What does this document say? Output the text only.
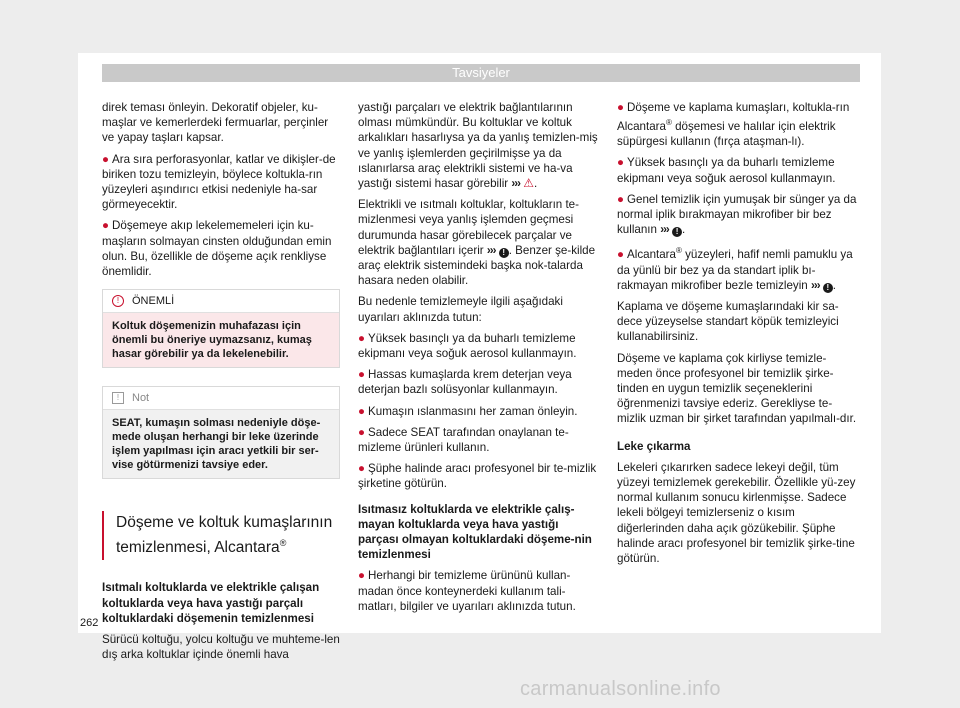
Tavsiyeler

direk teması önleyin. Dekoratif objeler, ku-maşlar ve kemerlerdeki fermuarlar, perçinler ve yapay taşları kapsar.

● Ara sıra perforasyonlar, katlar ve dikişler-de biriken tozu temizleyin, böylece koltukla-rın yüzeyleri aşındırıcı etkisi nedeniyle ha-sar görmeyecektir.

● Döşemeye akıp lekelememeleri için ku-maşların solmayan cinsten olduğundan emin olun. Bu, özellikle de döşeme açık renkliyse önemlidir.

! ÖNEMLİ
Koltuk döşemenizin muhafazası için önemli bu öneriye uymazsanız, kumaş hasar görebilir ya da lekelenebilir.
! Not
SEAT, kumaşın solması nedeniyle döşe-mede oluşan herhangi bir leke üzerinde işlem yapılması için aracı yetkili bir ser-vise götürmenizi tavsiye eder.
Döşeme ve koltuk kumaşlarının temizlenmesi, Alcantara®

Isıtmalı koltuklarda ve elektrikle çalışan koltuklarda veya hava yastığı parçalı koltuklardaki döşemenin temizlenmesi

Sürücü koltuğu, yolcu koltuğu ve muhteme-len dış arka koltuklar içinde önemli hava

yastığı parçaları ve elektrik bağlantılarının olması mümkündür. Bu koltuklar ve koltuk arkalıkları hasarlıysa ya da yanlış temizlen-miş ve yanlış işlemlerden geçirilmişse ya da ıslanırlarsa araç elektrikli sistemi ve ha-va yastığı sistemi hasar görebilir ››› ⚠.

Elektrikli ve ısıtmalı koltuklar, koltukların te-mizlenmesi veya yanlış işlemden geçmesi durumunda hasar görebilecek parçalar ve elektrik bağlantıları içerir ››› ! . Benzer şe-kilde araç elektrik sistemindeki başka nok-talarda hasara neden olabilir.

Bu nedenle temizlemeyle ilgili aşağıdaki uyarıları aklınızda tutun:

● Yüksek basınçlı ya da buharlı temizleme ekipmanı veya soğuk aerosol kullanmayın.

● Hassas kumaşlarda krem deterjan veya deterjan bazlı solüsyonlar kullanmayın.

● Kumaşın ıslanmasını her zaman önleyin.

● Sadece SEAT tarafından onaylanan te-mizleme ürünleri kullanın.

● Şüphe halinde aracı profesyonel bir te-mizlik şirketine götürün.

Isıtmasız koltuklarda ve elektrikle çalış-mayan koltuklarda veya hava yastığı parçası olmayan koltuklardaki döşeme-nin temizlenmesi

● Herhangi bir temizleme ürününü kullan-madan önce konteynerdeki kullanım tali-matları, bilgiler ve uyarıları aklınızda tutun.

● Döşeme ve kaplama kumaşları, koltukla-rın Alcantara® döşemesi ve halılar için elektrik süpürgesi kullanın (fırça ataşman-lı).

● Yüksek basınçlı ya da buharlı temizleme ekipmanı veya soğuk aerosol kullanmayın.

● Genel temizlik için yumuşak bir sünger ya da normal iplik bırakmayan mikrofiber bir bez kullanın ››› ! .

● Alcantara® yüzeyleri, hafif nemli pamuklu ya da yünlü bir bez ya da standart iplik bı-rakmayan mikrofiber bezle temizleyin ››› ! .

Kaplama ve döşeme kumaşlarındaki kir sa-dece yüzeyselse standart köpük temizleyici kullanabilirsiniz.

Döşeme ve kaplama çok kirliyse temizle-meden önce profesyonel bir temizlik şirke-tinden en uygun temizlik seçeneklerini öğrenmenizi tavsiye ederiz. Gerekliyse te-mizlik uzman bir şirket tarafından yapılmalı-dır.

Leke çıkarma

Lekeleri çıkarırken sadece lekeyi değil, tüm yüzeyi temizlemek gerekebilir. Özellikle yü-zey normal kullanım sonucu kirlenmişse. Sadece lekeli bölgeyi temizlerseniz o kısım diğerlerinden daha açık gözükebilir. Şüphe halinde aracı profesyonel bir temizlik şirke-tine götürün.

262
carmanualsonline.info
